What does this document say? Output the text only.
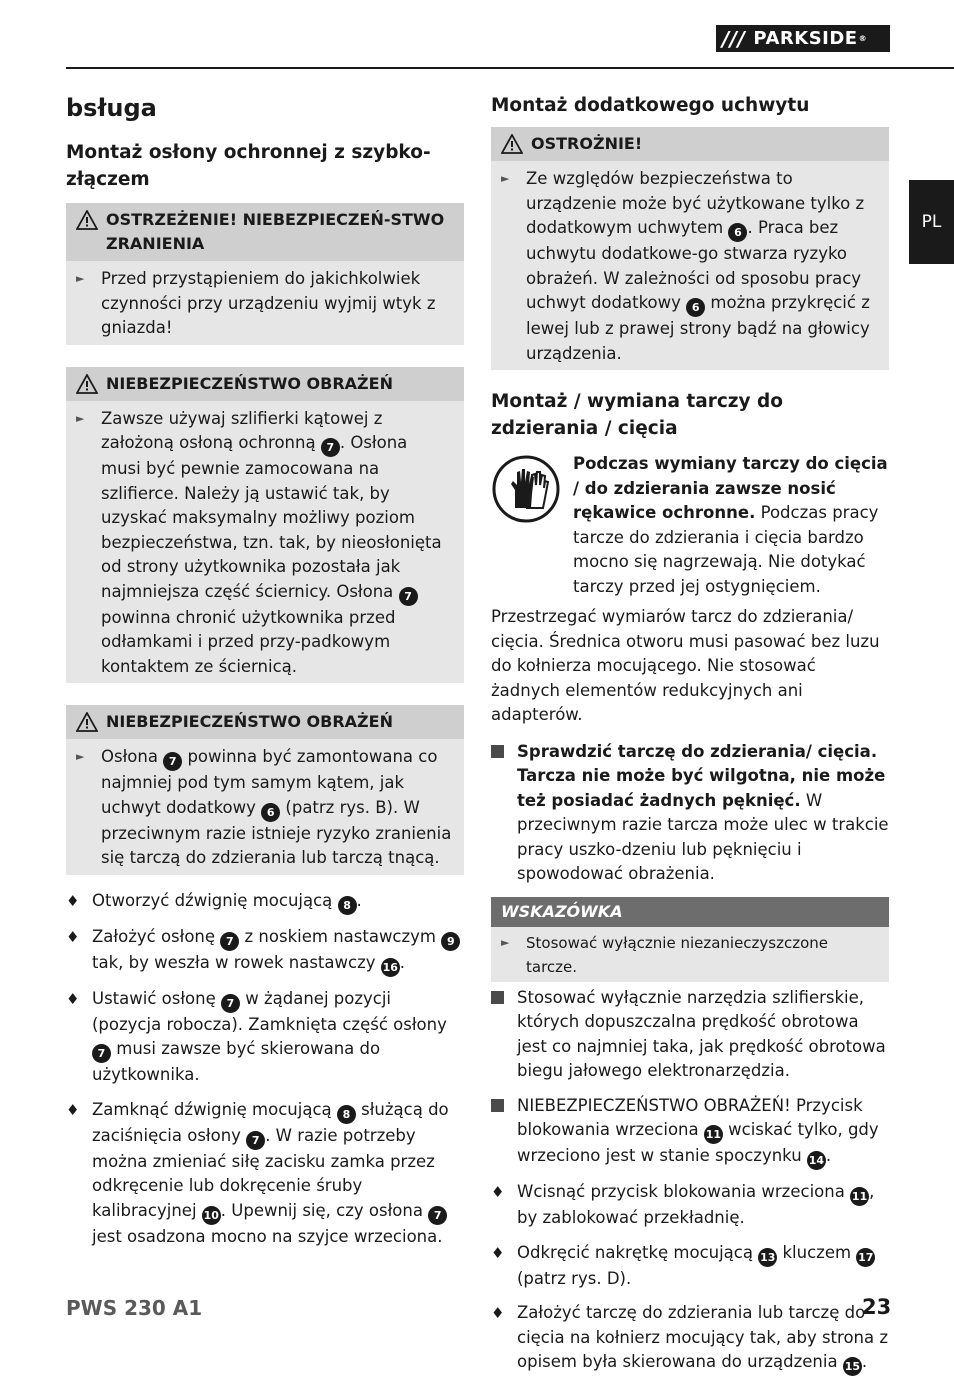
/// PARKSIDE ®
PL
bsługa
Montaż osłony ochronnej z szybko-złączem
OSTRZEŻENIE! NIEBEZPIECZEŃ-STWO ZRANIENIA
►	Przed przystąpieniem do jakichkolwiek czynności przy urządzeniu wyjmij wtyk z gniazda!
NIEBEZPIECZEŃSTWO OBRAŻEŃ
►	Zawsze używaj szlifierki kątowej z założoną osłoną ochronną 7 . Osłona musi być pewnie zamocowana na szlifierce. Należy ją ustawić tak, by uzyskać maksymalny możliwy poziom bezpieczeństwa, tzn. tak, by nieosłonięta od strony użytkownika pozostała jak najmniejsza część ściernicy. Osłona 7 powinna chronić użytkownika przed odłamkami i przed przy-padkowym kontaktem ze ściernicą.
NIEBEZPIECZEŃSTWO OBRAŻEŃ
►	Osłona 7 powinna być zamontowana co najmniej pod tym samym kątem, jak uchwyt dodatkowy 6 (patrz rys. B). W przeciwnym razie istnieje ryzyko zranienia się tarczą do zdzierania lub tarczą tnącą.
♦ Otworzyć dźwignię mocującą 8 .
♦ Założyć osłonę 7 z noskiem nastawczym 9 tak, by weszła w rowek nastawczy 16 .
♦ Ustawić osłonę 7 w żądanej pozycji (pozycja robocza). Zamknięta część osłony 7 musi zawsze być skierowana do użytkownika.
♦ Zamknąć dźwignię mocującą 8 służącą do zaciśnięcia osłony 7 . W razie potrzeby można zmieniać siłę zacisku zamka przez odkręcenie lub dokręcenie śruby kalibracyjnej 10 . Upewnij się, czy osłona 7 jest osadzona mocno na szyjce wrzeciona.
Montaż dodatkowego uchwytu
OSTROŻNIE!
►	Ze względów bezpieczeństwa to urządzenie może być użytkowane tylko z dodatkowym uchwytem 6 . Praca bez uchwytu dodatkowe-go stwarza ryzyko obrażeń. W zależności od sposobu pracy uchwyt dodatkowy 6 można przykręcić z lewej lub z prawej strony bądź na głowicy urządzenia.
Montaż / wymiana tarczy do zdzierania / cięcia

Podczas wymiany tarczy do cięcia / do zdzierania zawsze nosić rękawice ochronne. Podczas pracy tarcze do zdzierania i cięcia bardzo mocno się nagrzewają. Nie dotykać tarczy przed jej ostygnięciem.

Przestrzegać wymiarów tarcz do zdzierania/ cięcia. Średnica otworu musi pasować bez luzu do kołnierza mocującego. Nie stosować żadnych elementów redukcyjnych ani adapterów.

Sprawdzić tarczę do zdzierania/ cięcia. Tarcza nie może być wilgotna, nie może też posiadać żadnych pęknięć. W przeciwnym razie tarcza może ulec w trakcie pracy uszko-dzeniu lub pęknięciu i spowodować obrażenia.
WSKAZÓWKA
►	Stosować wyłącznie niezanieczyszczone tarcze.
Stosować wyłącznie narzędzia szlifierskie, których dopuszczalna prędkość obrotowa jest co najmniej taka, jak prędkość obrotowa biegu jałowego elektronarzędzia.
NIEBEZPIECZEŃSTWO OBRAŻEŃ! Przycisk blokowania wrzeciona 11 wciskać tylko, gdy wrzeciono jest w stanie spoczynku 14 .
♦ Wcisnąć przycisk blokowania wrzeciona 11 , by zablokować przekładnię.
♦ Odkręcić nakrętkę mocującą 13 kluczem 17 (patrz rys. D).
♦ Założyć tarczę do zdzierania lub tarczę do cięcia na kołnierz mocujący tak, aby strona z opisem była skierowana do urządzenia 15 .
PWS 230 A1	23
